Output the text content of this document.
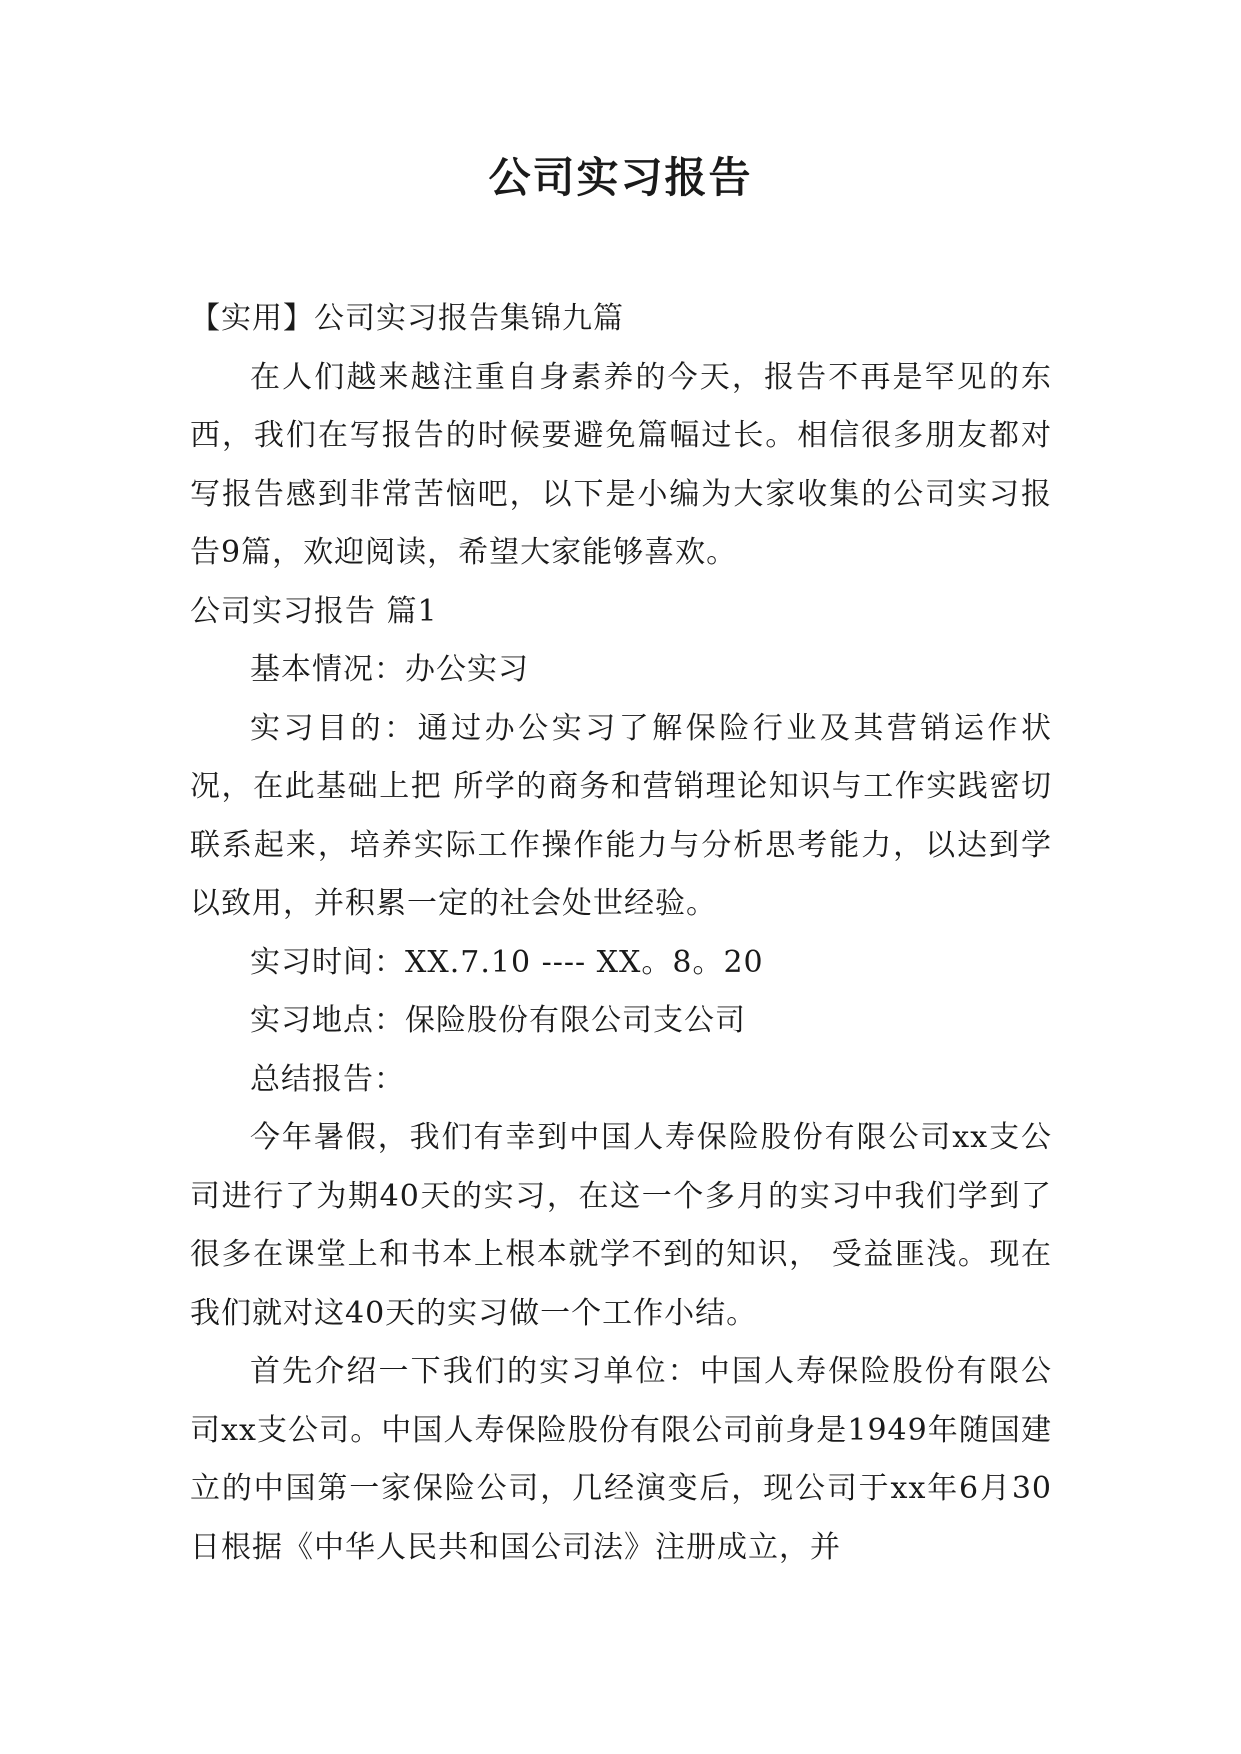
公司实习报告

【实用】公司实习报告集锦九篇

在人们越来越注重自身素养的今天，报告不再是罕见的东西，我们在写报告的时候要避免篇幅过长。相信很多朋友都对写报告感到非常苦恼吧，以下是小编为大家收集的公司实习报告9篇，欢迎阅读，希望大家能够喜欢。

公司实习报告 篇1

基本情况：办公实习

实习目的：通过办公实习了解保险行业及其营销运作状况，在此基础上把 所学的商务和营销理论知识与工作实践密切联系起来，培养实际工作操作能力与分析思考能力，以达到学以致用，并积累一定的社会处世经验。

实习时间：XX.7.10 ---- XX。8。20

实习地点：保险股份有限公司支公司

总结报告：

今年暑假，我们有幸到中国人寿保险股份有限公司xx支公司进行了为期40天的实习，在这一个多月的实习中我们学到了很多在课堂上和书本上根本就学不到的知识， 受益匪浅。现在我们就对这40天的实习做一个工作小结。

首先介绍一下我们的实习单位：中国人寿保险股份有限公司xx支公司。中国人寿保险股份有限公司前身是1949年随国建立的中国第一家保险公司，几经演变后，现公司于xx年6月30日根据《中华人民共和国公司法》注册成立，并
